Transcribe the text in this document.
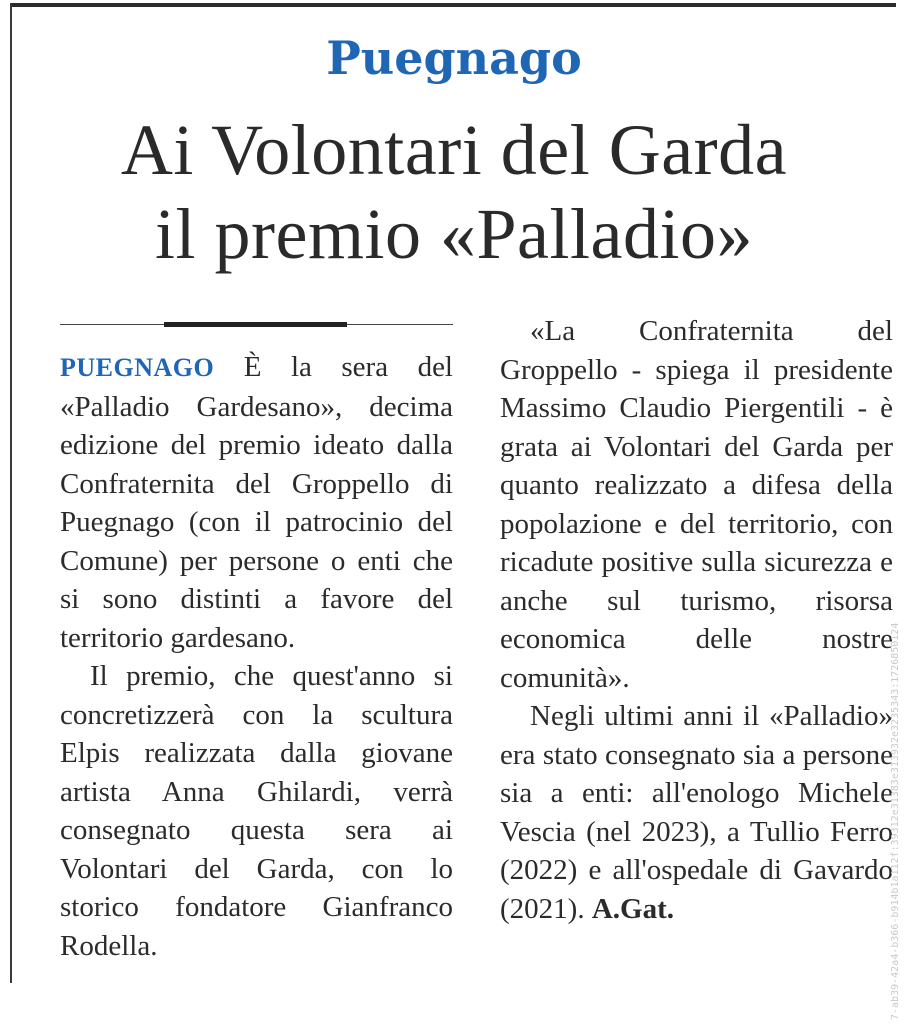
Puegnago
Ai Volontari del Garda
il premio «Palladio»

PUEGNAGO È la sera del «Palladio Gardesano», decima edizione del premio ideato dalla Confraternita del Groppello di Puegnago (con il patrocinio del Comune) per persone o enti che si sono distinti a favore del territorio gardesano.

Il premio, che quest'anno si concretizzerà con la scultura Elpis realizzata dalla giovane artista Anna Ghilardi, verrà consegnato questa sera ai Volontari del Garda, con lo storico fondatore Gianfranco Rodella.

«La Confraternita del Groppello - spiega il presidente Massimo Claudio Piergentili - è grata ai Volontari del Garda per quanto realizzato a difesa della popolazione e del territorio, con ricadute positive sulla sicurezza e anche sul turismo, risorsa economica delle nostre comunità».

Negli ultimi anni il «Palladio» era stato consegnato sia a persone sia a enti: all'enologo Michele Vescia (nel 2023), a Tullio Ferro (2022) e all'ospedale di Gavardo (2021). A.Gat.	7-ab39-42a4-b366-b914b1a112f:39312e31383e313932e3235343:1726850124
